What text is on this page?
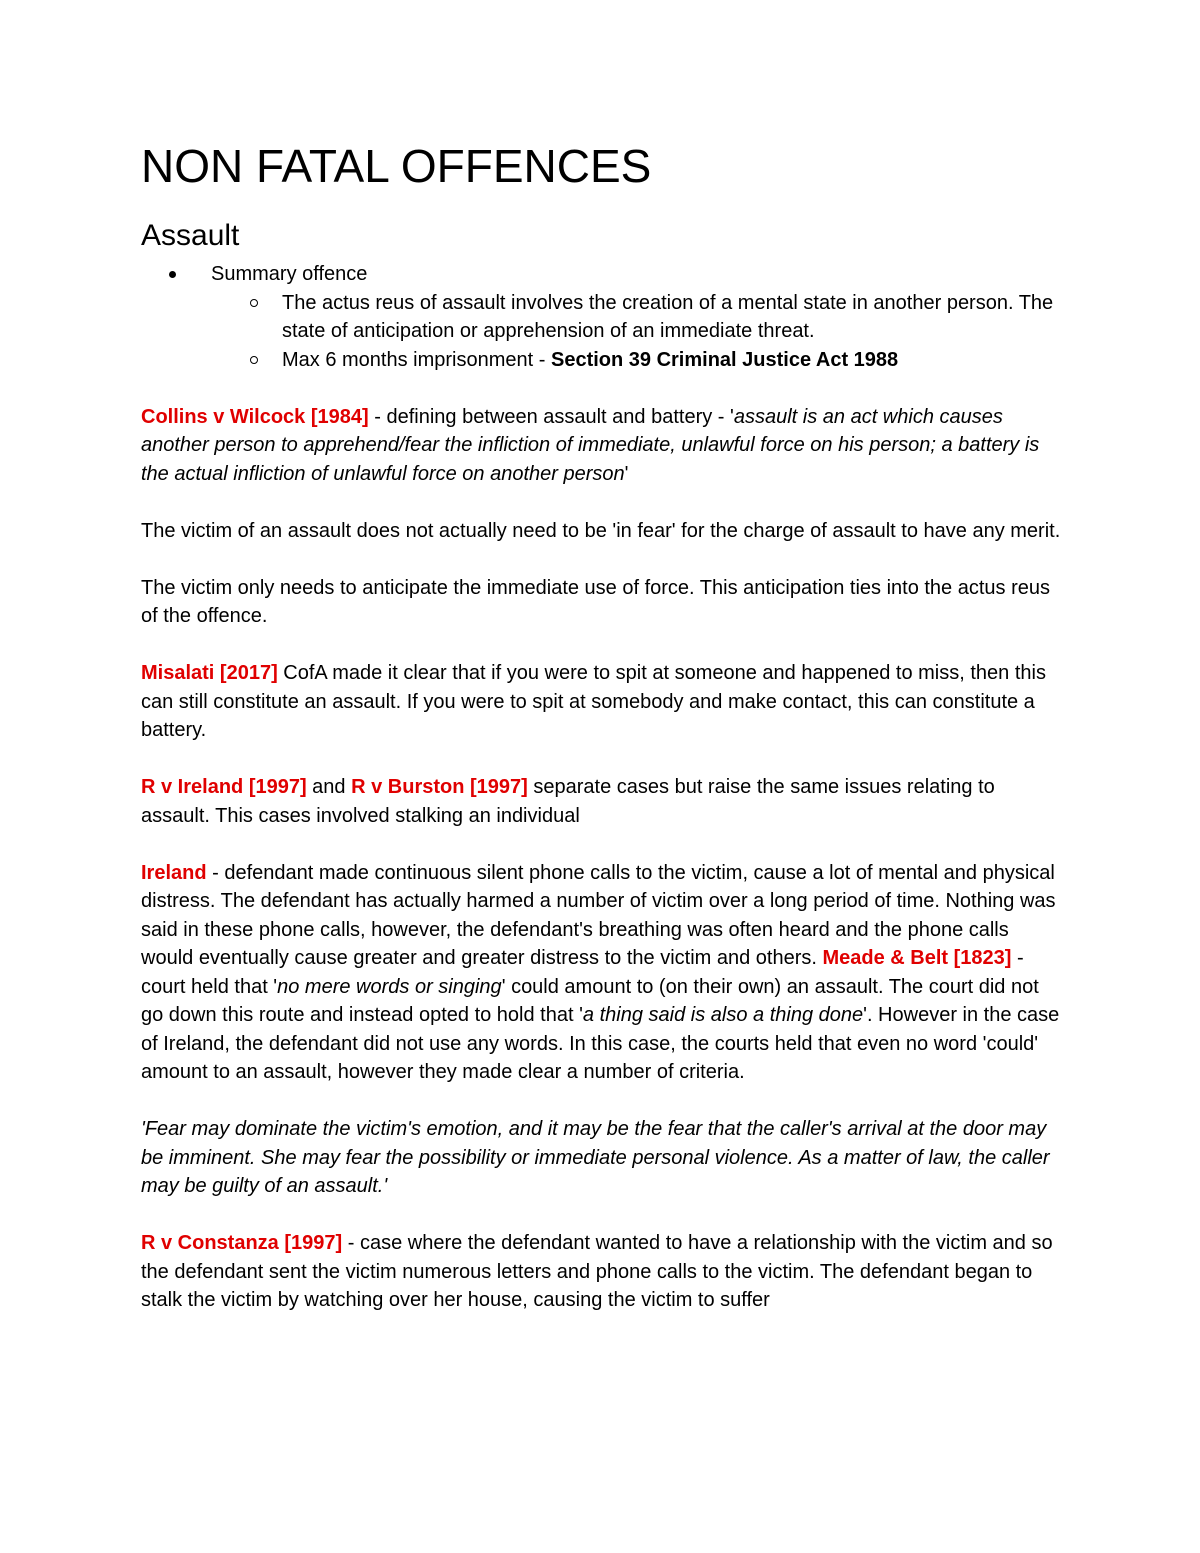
NON FATAL OFFENCES
Assault
Summary offence
The actus reus of assault involves the creation of a mental state in another person. The state of anticipation or apprehension of an immediate threat.
Max 6 months imprisonment - Section 39 Criminal Justice Act 1988

Collins v Wilcock [1984] - defining between assault and battery - 'assault is an act which causes another person to apprehend/fear the infliction of immediate, unlawful force on his person; a battery is the actual infliction of unlawful force on another person'

The victim of an assault does not actually need to be 'in fear' for the charge of assault to have any merit.

The victim only needs to anticipate the immediate use of force. This anticipation ties into the actus reus of the offence.

Misalati [2017] CofA made it clear that if you were to spit at someone and happened to miss, then this can still constitute an assault. If you were to spit at somebody and make contact, this can constitute a battery.

R v Ireland [1997] and R v Burston [1997] separate cases but raise the same issues relating to assault. This cases involved stalking an individual

Ireland - defendant made continuous silent phone calls to the victim, cause a lot of mental and physical distress. The defendant has actually harmed a number of victim over a long period of time. Nothing was said in these phone calls, however, the defendant's breathing was often heard and the phone calls would eventually cause greater and greater distress to the victim and others. Meade & Belt [1823] - court held that 'no mere words or singing' could amount to (on their own) an assault. The court did not go down this route and instead opted to hold that 'a thing said is also a thing done'. However in the case of Ireland, the defendant did not use any words. In this case, the courts held that even no word 'could' amount to an assault, however they made clear a number of criteria.

'Fear may dominate the victim's emotion, and it may be the fear that the caller's arrival at the door may be imminent. She may fear the possibility or immediate personal violence. As a matter of law, the caller may be guilty of an assault.'

R v Constanza [1997] - case where the defendant wanted to have a relationship with the victim and so the defendant sent the victim numerous letters and phone calls to the victim. The defendant began to stalk the victim by watching over her house, causing the victim to suffer
